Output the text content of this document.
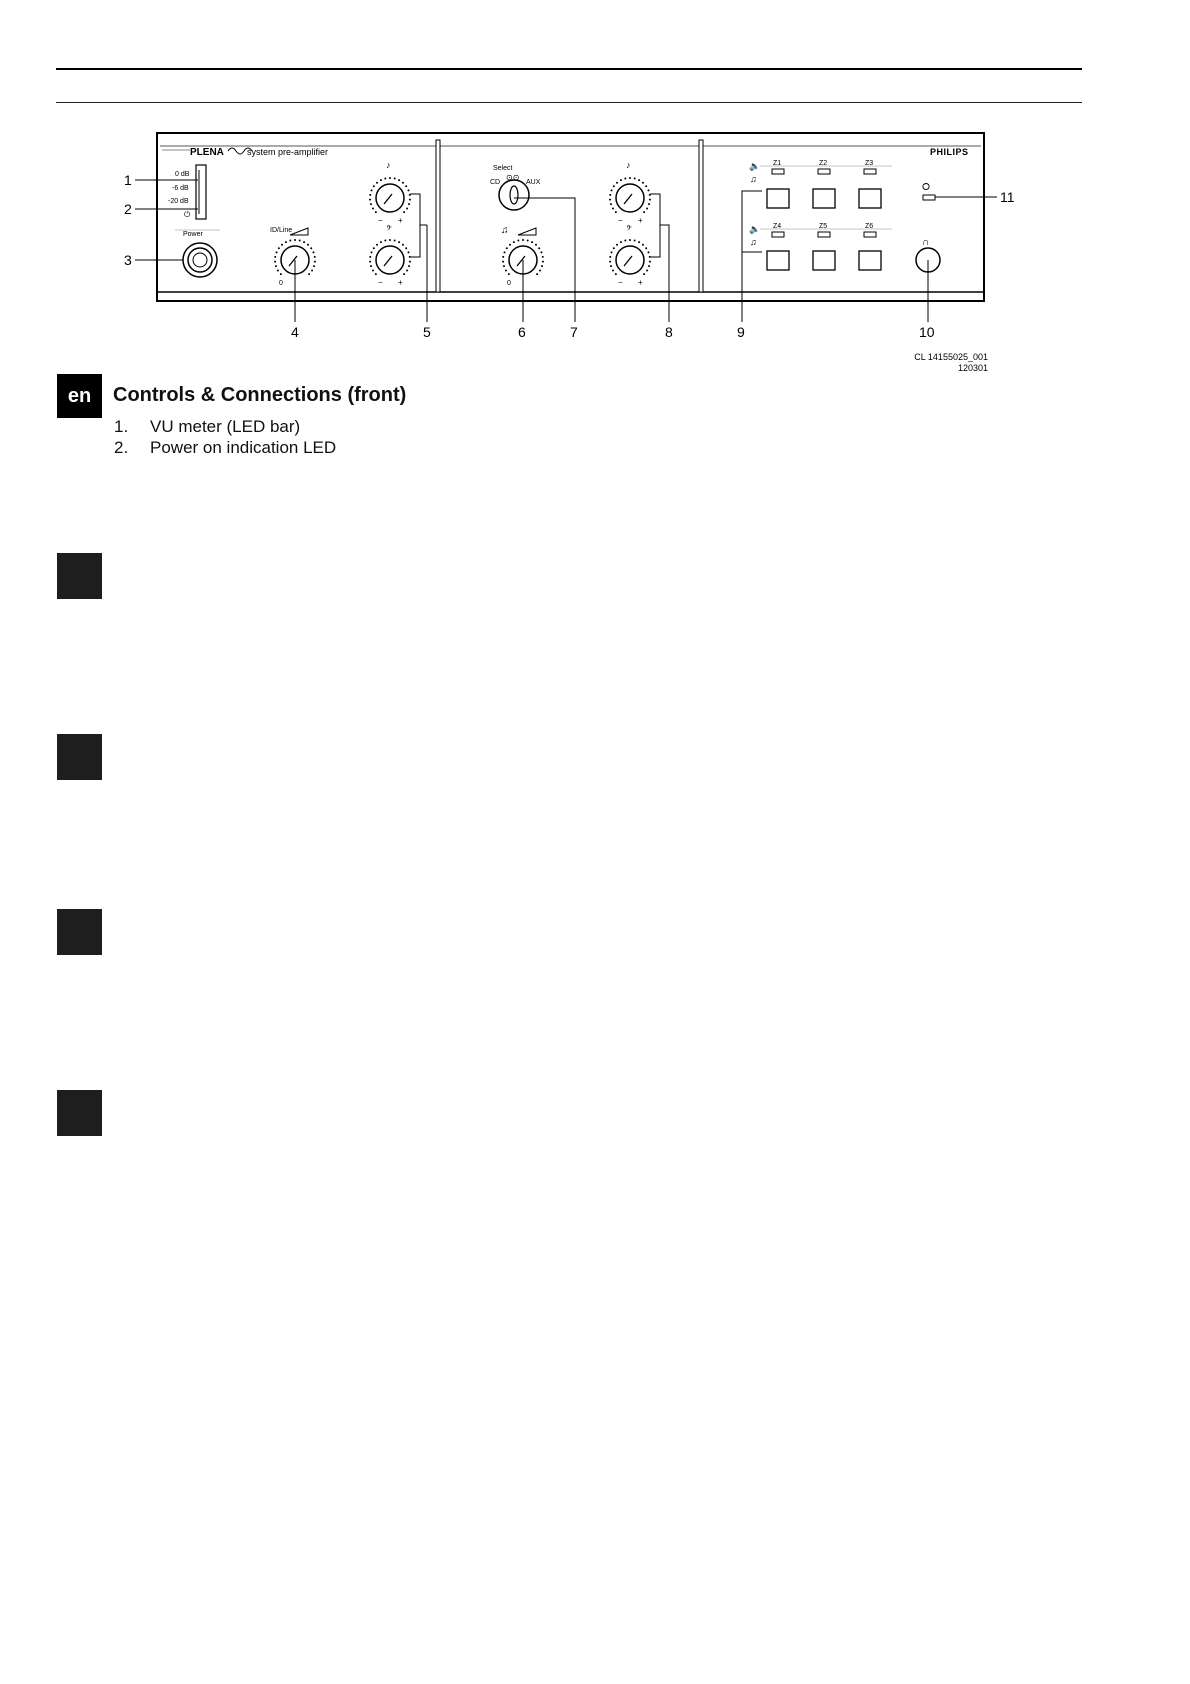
PLENA	system pre-amplifier	PHILIPS
0 dB
-6 dB
-20 dB
⏻
Power
ID/Line
Select
CD	AUX
⊙⊙
♫
− +
− +
− +
− +
0	0
♪
𝄢
♪
𝄢
Z1	Z2	Z3
Z4	Z5	Z6
🔈
♫
🔈
♫
⭘
∩
1
2
3
4	5	6	7	8	9	10
11
CL 14155025_001
120301
en	Controls & Connections (front)
1. VU meter (LED bar)
2. Power on indication LED
